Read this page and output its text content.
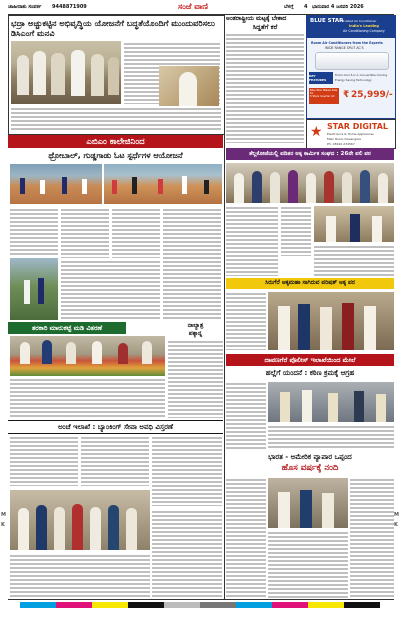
ಜಾಹೀರಾತು ಸಂಪರ್ಕ 9448871909	ಸಂಜೆ ವಾಣಿ	ಬೆಳಗ್ಗೆ 4 ಭಾನುವಾರ 4 ಜನವರಿ 2026
ಭದ್ರಾ ಅಚ್ಚುಕಟ್ಟಿನ ಅಭಿವೃದ್ಧಿಯ ಯೋಜನೆಗೆ ಬದ್ಧತೆಯೊಂದಿಗೆ ಮುಂದುವರಿಸಲು ಡಿಸಿಎಂಗೆ ಮನವಿ
ಅಂತರಾಷ್ಟ್ರೀಯ ಮಟ್ಟಕ್ಕೆ ಬೇಕಾದ
ಸಿದ್ಧತೆಗೆ ಕರೆ
BLUE STAR
Trusted Air Conditioner
India's Leading
Air Conditioning Company
Room Air Conditioners from the Experts
WIDE RANGE SPLIT AC'S
KEY FEATURES
Turbo Cool 5-in-1 Convertible Cooling
Energy Saving Technology
Blue Star Makes Sale for
5 Stars Inverter AC ₹ 25,999/-
★ STAR DIGITAL
Electronics & Home Appliances
Main Road, Davangere
Ph: 08192-234567
ಎಬಿಎಂ ಕಾಲೇಜಿನಿಂದ
ಥ್ರೋಬಾಲ್, ಗುಡ್ಡಗಾಡು ಓಟ ಸ್ಪರ್ಧೆಗಳ ಆಯೋಜನೆ	ತೆಲ್ಲಕೋಟೆಯಲ್ಲಿ ಪದಿತರ ಅಕ್ಕ ಕಾರ್ಮಿಕ ಸಂಘದ : 26ನೇ ಪಲಿ ಪರ
ಸಿರುಗೆರೆ ಅಕ್ಕಮಹಾ ಸಾಗಿರುವ ಪರಿಷತ್ ಅಕ್ಕ ಪರ
ತರಕಾರಿ ಮಾರುಕಟ್ಟೆ ಮಡಿ ವಿತರಣೆ	ನಾಲ್ಯಾತ್ರ
ಪಕ್ಕಾನ್ನ
ದಾವಣಗೆರೆ ಪೊಲೀಸ್ ಇಲಾಖೆಯಿಂದ ಮೇಲೆ
ಹಲ್ಲೆಗೆ ಯಂದನೆ : ಕಠಿಣ ಕ್ರಮಕ್ಕೆ ಆಗ್ರಹ
ಅಂಚೆ ಇಲಾಖೆ : ಬ್ಯಾಂಕಿಂಗ್ ಸೇವಾ ಅವಧಿ ವಿಸ್ತರಣೆ
ಭಾರತ - ಅಮೇರಿಕ ವ್ಯಾಪಾರ ಒಪ್ಪಂದ
ಹೊಸ ವರ್ಷಕ್ಕೆ ನಂದಿ
M
K
M
K
